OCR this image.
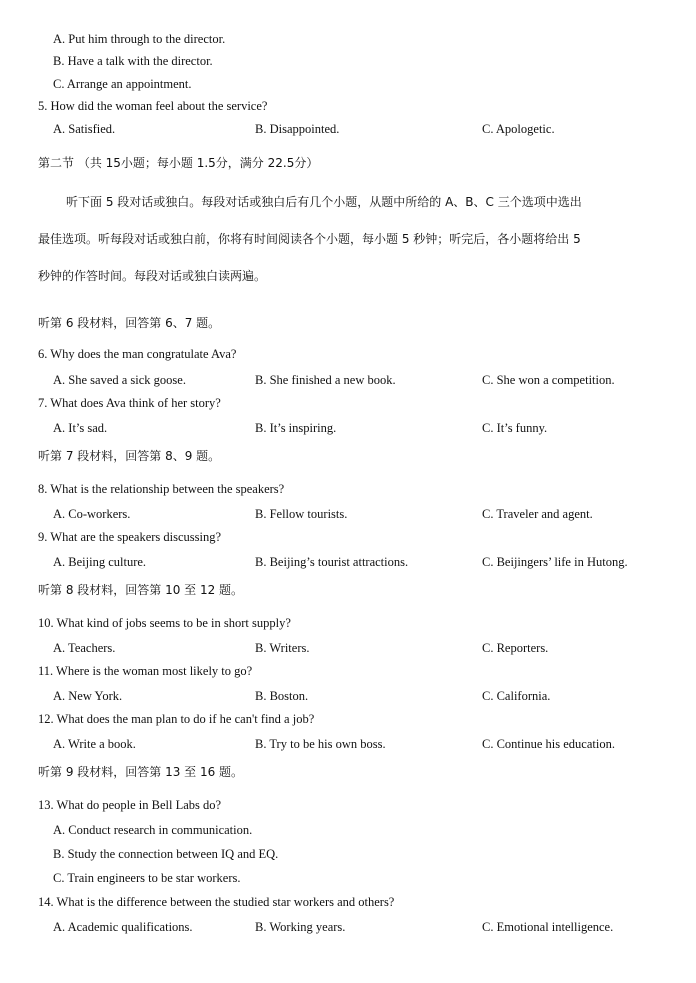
A. Put him through to the director.
B. Have a talk with the director.
C. Arrange an appointment.
5. How did the woman feel about the service?
A. Satisfied.	B. Disappointed.	C. Apologetic.
第二节 （共 15小题；每小题 1.5分，满分 22.5分）
听下面 5 段对话或独白。每段对话或独白后有几个小题，从题中所给的 A、B、C 三个选项中选出
最佳选项。听每段对话或独白前，你将有时间阅读各个小题，每小题 5 秒钟；听完后，各小题将给出 5
秒钟的作答时间。每段对话或独白读两遍。
听第 6 段材料，回答第 6、7 题。
6. Why does the man congratulate Ava?
A. She saved a sick goose.	B. She finished a new book.	C. She won a competition.
7. What does Ava think of her story?
A. It’s sad.	B. It’s inspiring.	C. It’s funny.
听第 7 段材料，回答第 8、9 题。
8. What is the relationship between the speakers?
A. Co-workers.	B. Fellow tourists.	C. Traveler and agent.
9. What are the speakers discussing?
A. Beijing culture.	B. Beijing’s tourist attractions.	C. Beijingers’ life in Hutong.
听第 8 段材料，回答第 10 至 12 题。
10. What kind of jobs seems to be in short supply?
A. Teachers.	B. Writers.	C. Reporters.
11. Where is the woman most likely to go?
A. New York.	B. Boston.	C. California.
12. What does the man plan to do if he can't find a job?
A. Write a book.	B. Try to be his own boss.	C. Continue his education.
听第 9 段材料，回答第 13 至 16 题。
13. What do people in Bell Labs do?
A. Conduct research in communication.
B. Study the connection between IQ and EQ.
C. Train engineers to be star workers.
14. What is the difference between the studied star workers and others?
A. Academic qualifications.	B. Working years.	C. Emotional intelligence.
